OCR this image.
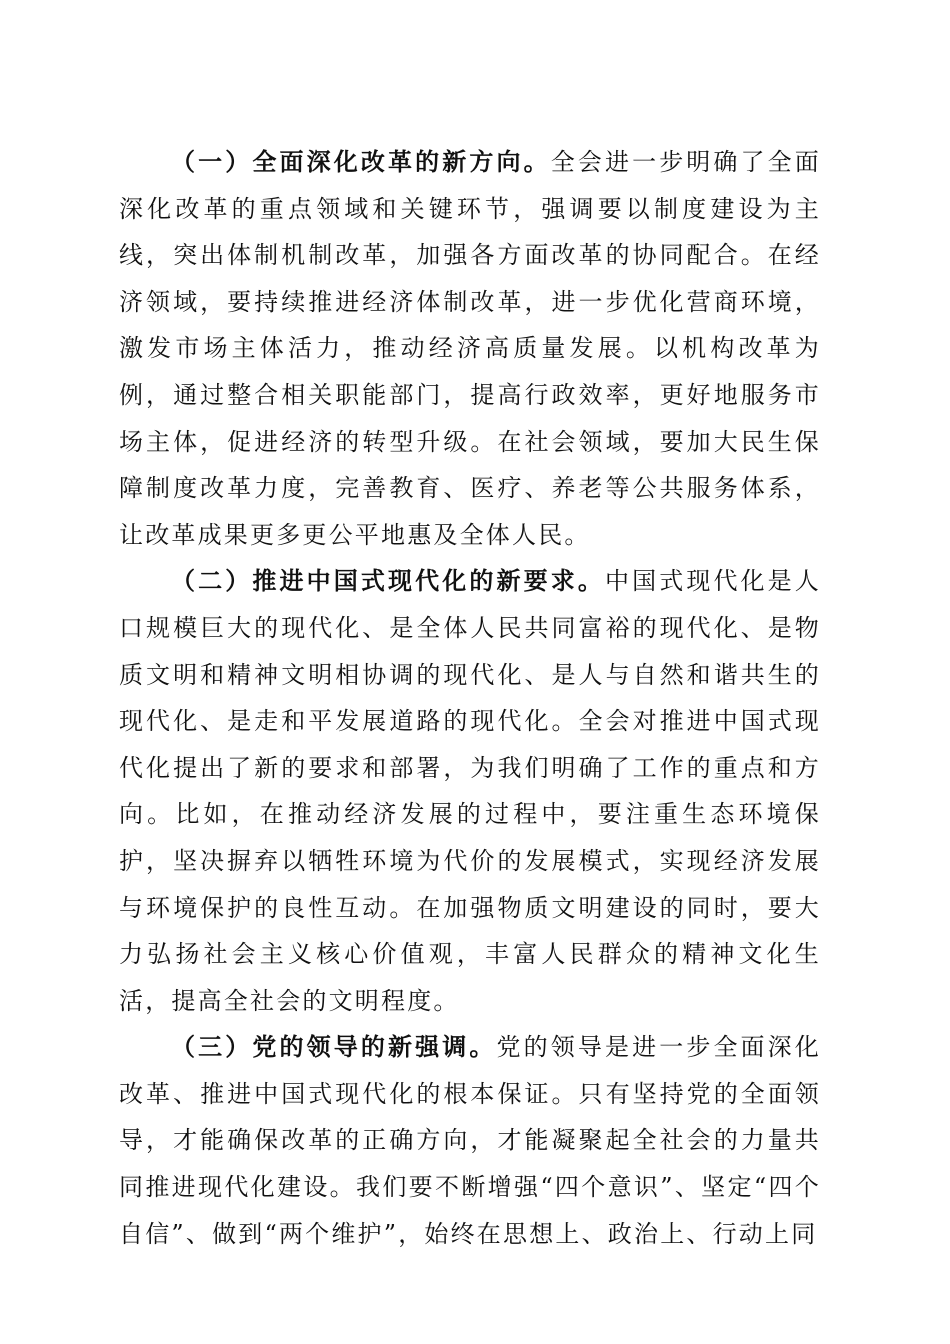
（一）全面深化改革的新方向。全会进一步明确了全面深化改革的重点领域和关键环节，强调要以制度建设为主线，突出体制机制改革，加强各方面改革的协同配合。在经济领域，要持续推进经济体制改革，进一步优化营商环境，激发市场主体活力，推动经济高质量发展。以机构改革为例，通过整合相关职能部门，提高行政效率，更好地服务市场主体，促进经济的转型升级。在社会领域，要加大民生保障制度改革力度，完善教育、医疗、养老等公共服务体系，让改革成果更多更公平地惠及全体人民。

（二）推进中国式现代化的新要求。中国式现代化是人口规模巨大的现代化、是全体人民共同富裕的现代化、是物质文明和精神文明相协调的现代化、是人与自然和谐共生的现代化、是走和平发展道路的现代化。全会对推进中国式现代化提出了新的要求和部署，为我们明确了工作的重点和方向。比如，在推动经济发展的过程中，要注重生态环境保护，坚决摒弃以牺牲环境为代价的发展模式，实现经济发展与环境保护的良性互动。在加强物质文明建设的同时，要大力弘扬社会主义核心价值观，丰富人民群众的精神文化生活，提高全社会的文明程度。

（三）党的领导的新强调。党的领导是进一步全面深化改革、推进中国式现代化的根本保证。只有坚持党的全面领导，才能确保改革的正确方向，才能凝聚起全社会的力量共同推进现代化建设。我们要不断增强“四个意识”、坚定“四个自信”、做到“两个维护”，始终在思想上、政治上、行动上同
